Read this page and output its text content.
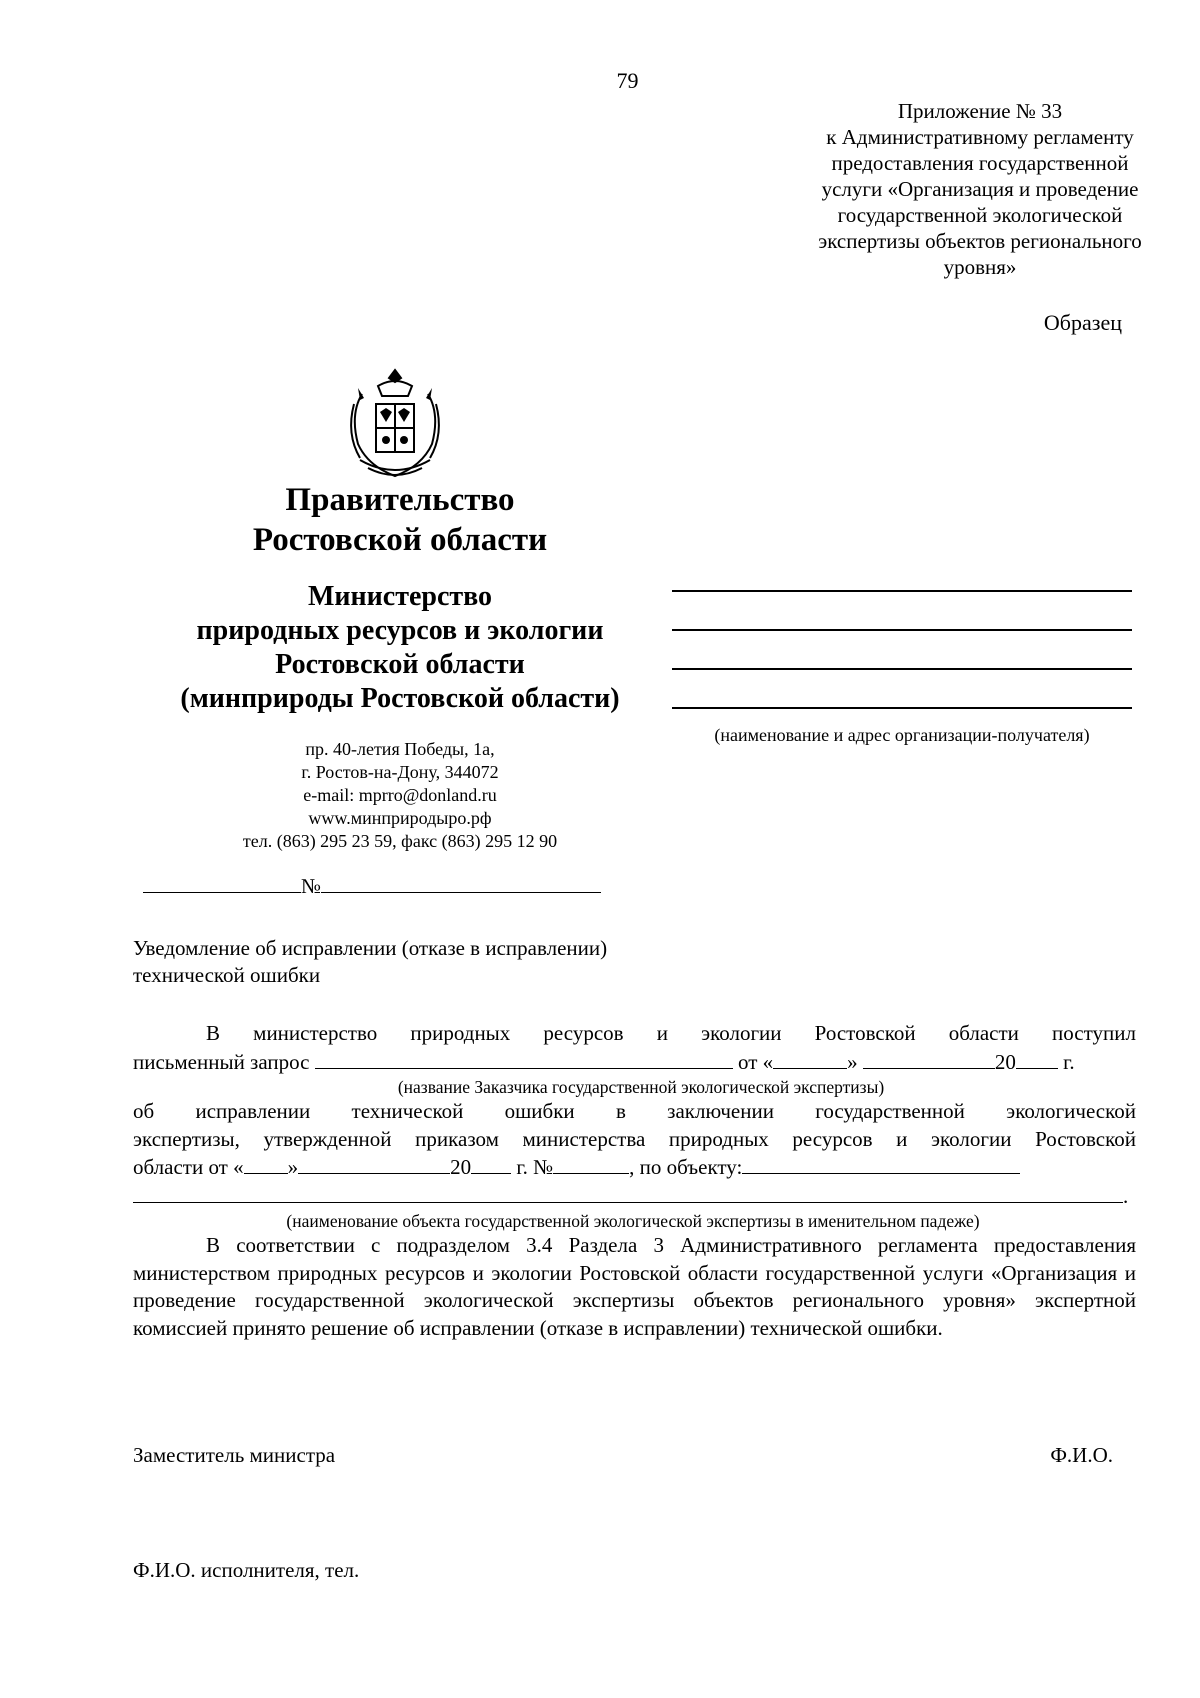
79
Приложение № 33
к Административному регламенту
предоставления государственной
услуги «Организация и проведение
государственной экологической
экспертизы объектов регионального
уровня»
Образец
Правительство
Ростовской области
Министерство
природных ресурсов и экологии
Ростовской области
(минприроды Ростовской области)
пр. 40-летия Победы, 1а,
г. Ростов-на-Дону, 344072
e-mail: mprro@donland.ru
www.минприродыро.рф
тел. (863) 295 23 59, факс (863) 295 12 90
(наименование и адрес организации-получателя)
№
Уведомление об исправлении (отказе в исправлении)
технической ошибки

В министерство природных ресурсов и экологии Ростовской области поступил

письменный запрос	от «	»	20 г.

(название Заказчика государственной экологической экспертизы)

об исправлении технической ошибки в заключении государственной экологической

экспертизы, утвержденной приказом министерства природных ресурсов и экологии Ростовской

области от « »	20 г. №	, по объекту:

.

(наименование объекта государственной экологической экспертизы в именительном падеже)

В соответствии с подразделом 3.4 Раздела 3 Административного регламента предоставления министерством природных ресурсов и экологии Ростовской области государственной услуги «Организация и проведение государственной экологической экспертизы объектов регионального уровня» экспертной комиссией принято решение об исправлении (отказе в исправлении) технической ошибки.

Заместитель министра	Ф.И.О.
Ф.И.О. исполнителя, тел.
